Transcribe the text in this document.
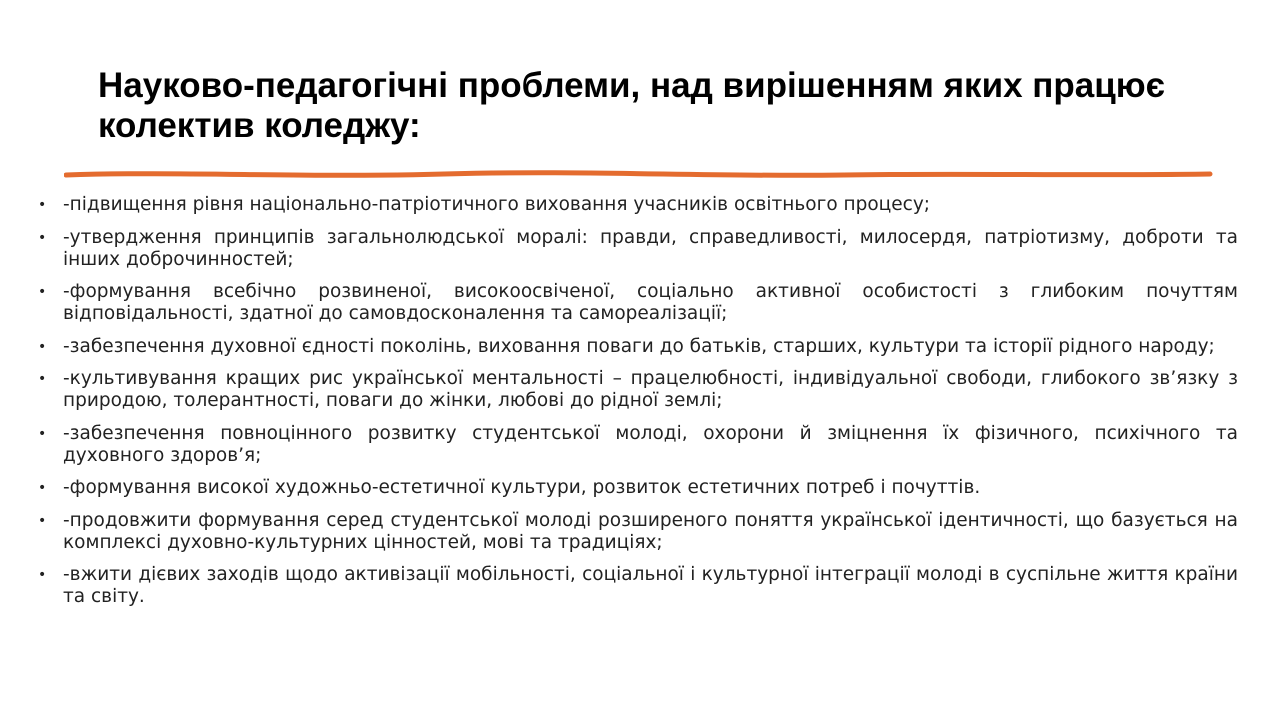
Науково-педагогічні проблеми, над вирішенням яких працює колектив коледжу:
• -підвищення рівня національно-патріотичного виховання учасників освітнього процесу;
• -утвердження принципів загальнолюдської моралі: правди, справедливості, милосердя, патріотизму, доброти та інших доброчинностей;
• -формування всебічно розвиненої, високоосвіченої, соціально активної особистості з глибоким почуттям відповідальності, здатної до самовдосконалення та самореалізації;
• -забезпечення духовної єдності поколінь, виховання поваги до батьків, старших, культури та історії рідного народу;
• -культивування кращих рис української ментальності – працелюбності, індивідуальної свободи, глибокого зв’язку з природою, толерантності, поваги до жінки, любові до рідної землі;
• -забезпечення повноцінного розвитку студентської молоді, охорони й зміцнення їх фізичного, психічного та духовного здоров’я;
• -формування високої художньо-естетичної культури, розвиток естетичних потреб і почуттів.
• -продовжити формування серед студентської молоді розширеного поняття української ідентичності, що базується на комплексі духовно-культурних цінностей, мові та традиціях;
• -вжити дієвих заходів щодо активізації мобільності, соціальної і культурної інтеграції молоді в суспільне життя країни та світу.
